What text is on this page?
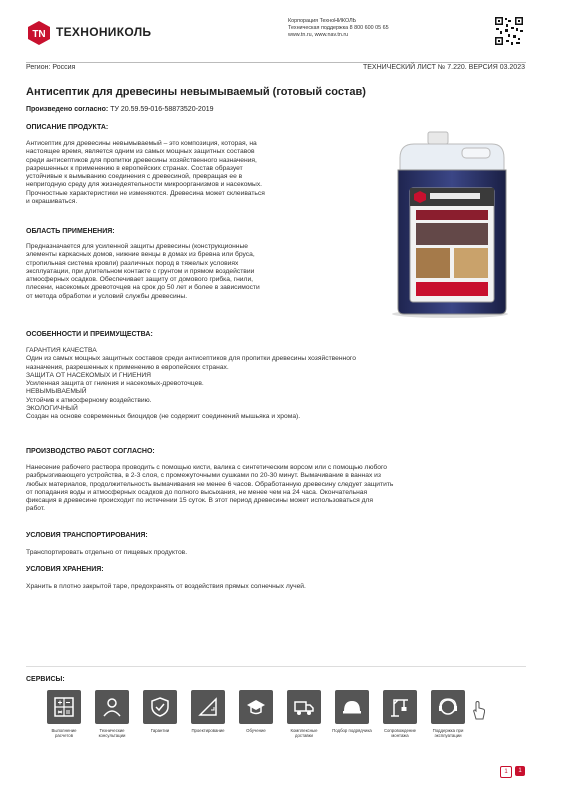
TN ТЕХНОНИКОЛЬ
Корпорация ТехноНИКОЛЬ
Техническая поддержка 8 800 600 05 65
www.tn.ru, www.nav.tn.ru
Регион: Россия	ТЕХНИЧЕСКИЙ ЛИСТ № 7.220. ВЕРСИЯ 03.2023
Антисептик для древесины невымываемый (готовый состав)
Произведено согласно: ТУ 20.59.59-016-58873520-2019
ОПИСАНИЕ ПРОДУКТА:
Антисептик для древесины невымываемый – это композиция, которая, на
настоящее время, является одним из самых мощных защитных составов
среди антисептиков для пропитки древесины хозяйственного назначения,
разрешенных к применению в европейских странах. Состав образует
устойчивые к вымыванию соединения с древесиной, превращая ее в
непригодную среду для жизнедеятельности микроорганизмов и насекомых.
Прочностные характеристики не изменяются. Древесина может склеиваться
и окрашиваться.
ОБЛАСТЬ ПРИМЕНЕНИЯ:
Предназначается для усиленной защиты древесины (конструкционные
элементы каркасных домов, нижние венцы в домах из бревна или бруса,
стропильная система кровли) различных пород в тяжелых условиях
эксплуатации, при длительном контакте с грунтом и прямом воздействии
атмосферных осадков. Обеспечивает защиту от домового грибка, гнили,
плесени, насекомых древоточцев на срок до 50 лет и более в зависимости
от метода обработки и условий службы древесины.
ОСОБЕННОСТИ И ПРЕИМУЩЕСТВА:
ГАРАНТИЯ КАЧЕСТВА
Один из самых мощных защитных составов среди антисептиков для пропитки древесины хозяйственного
назначения, разрешенных к применению в европейских странах.
ЗАЩИТА ОТ НАСЕКОМЫХ И ГНИЕНИЯ
Усиленная защита от гниения и насекомых-древоточцев.
НЕВЫМЫВАЕМЫЙ
Устойчив к атмосферному воздействию.
ЭКОЛОГИЧНЫЙ
Создан на основе современных биоцидов (не содержит соединений мышьяка и хрома).
ПРОИЗВОДСТВО РАБОТ СОГЛАСНО:
Нанесение рабочего раствора проводить с помощью кисти, валика с синтетическим ворсом или с помощью любого
разбрызгивающего устройства, в 2-3 слоя, с промежуточными сушками по 20-30 минут. Вымачивание в ваннах из
любых материалов, продолжительность вымачивания не менее 6 часов. Обработанную древесину следует защитить
от попадания воды и атмосферных осадков до полного высыхания, не менее чем на 24 часа. Окончательная
фиксация в древесине происходит по истечении 15 суток. В этот период древесины может использоваться для
работ.
УСЛОВИЯ ТРАНСПОРТИРОВАНИЯ:
Транспортировать отдельно от пищевых продуктов.
УСЛОВИЯ ХРАНЕНИЯ:
Хранить в плотно закрытой таре, предохранять от воздействия прямых солнечных лучей.
СЕРВИСЫ:
Выполнение расчетов
Технические консультации
Гарантии	Проектирование	Обучение	Комплексные доставки
Подбор подрядчика	Сопровождение монтажа
Поддержка при эксплуатации
1	1
